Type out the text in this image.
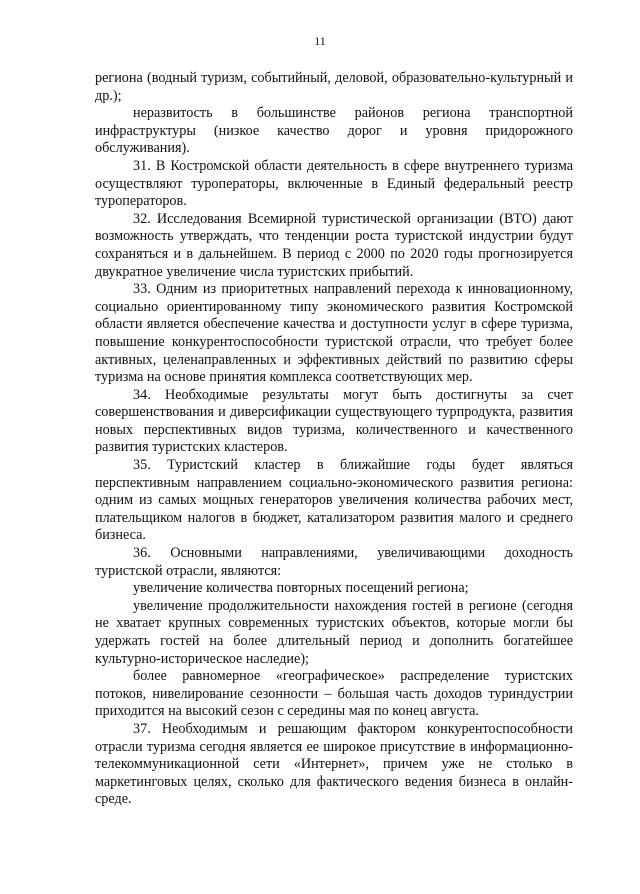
11

региона (водный туризм, событийный, деловой, образовательно-культурный и др.);

неразвитость в большинстве районов региона транспортной инфраструктуры (низкое качество дорог и уровня придорожного обслуживания).

31. В Костромской области деятельность в сфере внутреннего туризма осуществляют туроператоры, включенные в Единый федеральный реестр туроператоров.

32. Исследования Всемирной туристической организации (ВТО) дают возможность утверждать, что тенденции роста туристской индустрии будут сохраняться и в дальнейшем. В период с 2000 по 2020 годы прогнозируется двукратное увеличение числа туристских прибытий.

33. Одним из приоритетных направлений перехода к инновационному, социально ориентированному типу экономического развития Костромской области является обеспечение качества и доступности услуг в сфере туризма, повышение конкурентоспособности туристской отрасли, что требует более активных, целенаправленных и эффективных действий по развитию сферы туризма на основе принятия комплекса соответствующих мер.

34. Необходимые результаты могут быть достигнуты за счет совершенствования и диверсификации существующего турпродукта, развития новых перспективных видов туризма, количественного и качественного развития туристских кластеров.

35. Туристский кластер в ближайшие годы будет являться перспективным направлением социально-экономического развития региона: одним из самых мощных генераторов увеличения количества рабочих мест, плательщиком налогов в бюджет, катализатором развития малого и среднего бизнеса.

36. Основными направлениями, увеличивающими доходность туристской отрасли, являются:

увеличение количества повторных посещений региона;

увеличение продолжительности нахождения гостей в регионе (сегодня не хватает крупных современных туристских объектов, которые могли бы удержать гостей на более длительный период и дополнить богатейшее культурно-историческое наследие);

более равномерное «географическое» распределение туристских потоков, нивелирование сезонности – большая часть доходов туриндустрии приходится на высокий сезон с середины мая по конец августа.

37. Необходимым и решающим фактором конкурентоспособности отрасли туризма сегодня является ее широкое присутствие в информационно-телекоммуникационной сети «Интернет», причем уже не столько в маркетинговых целях, сколько для фактического ведения бизнеса в онлайн-среде.
